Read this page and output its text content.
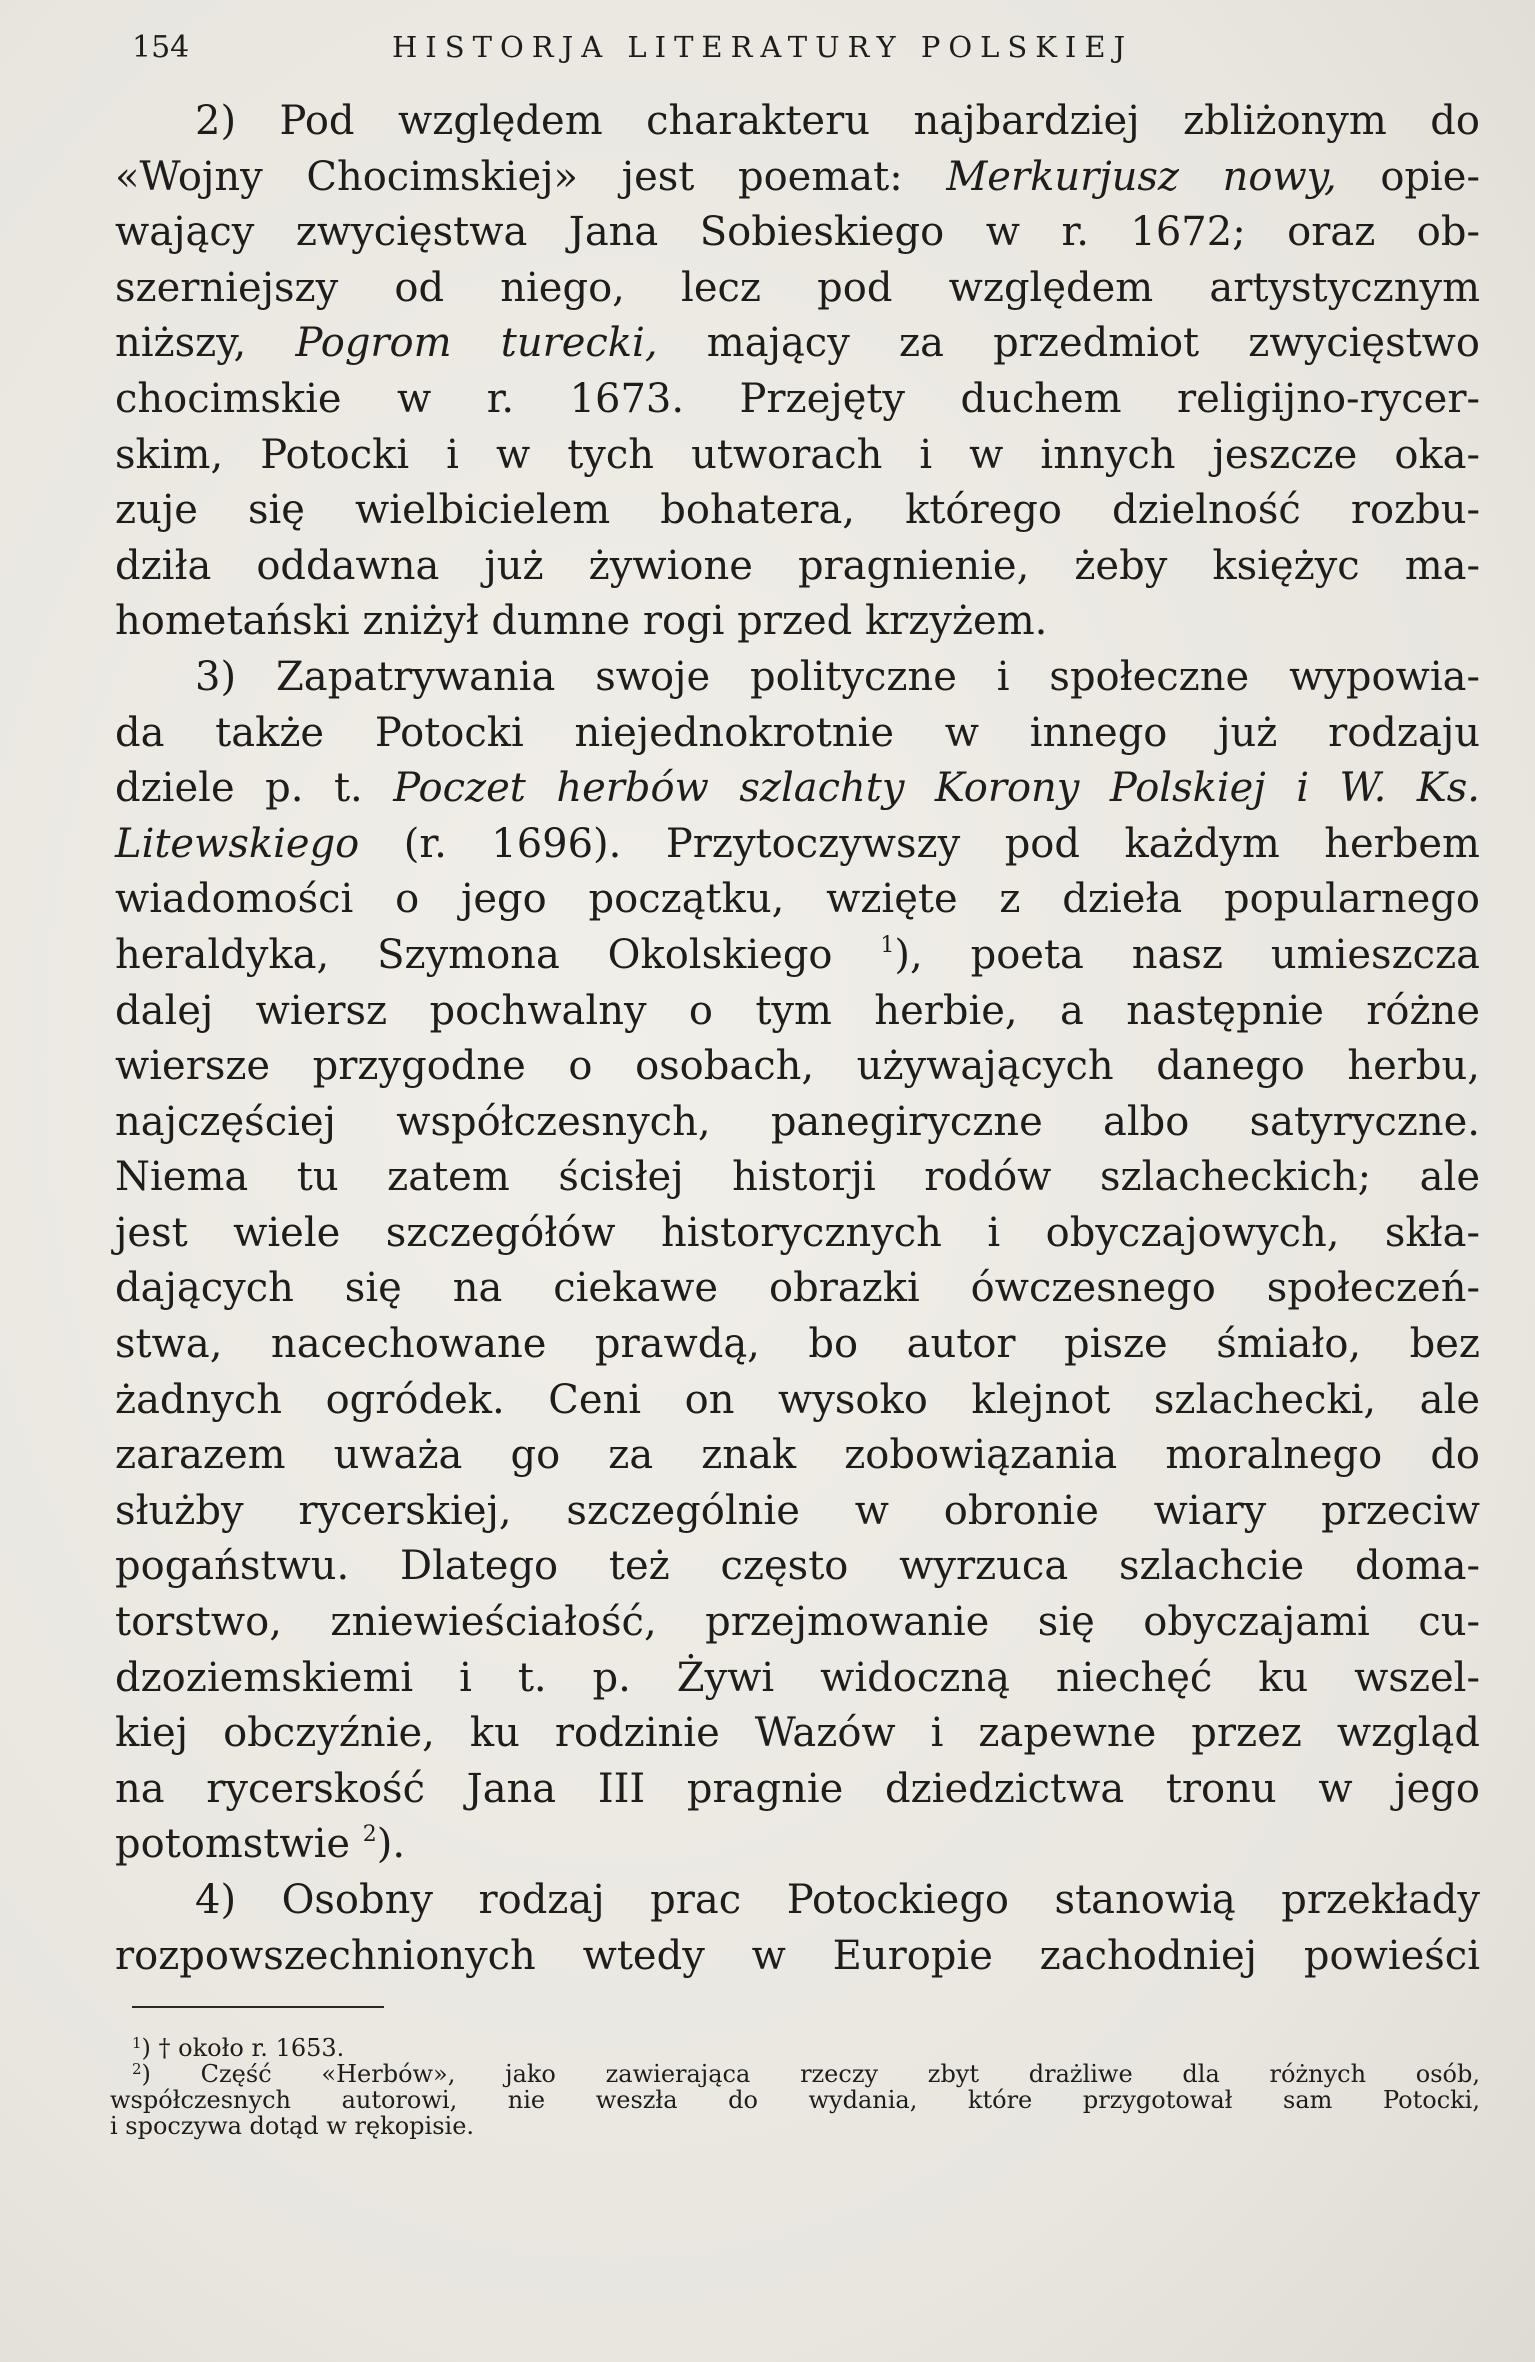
154	HISTORJA LITERATURY POLSKIEJ
2) Pod względem charakteru najbardziej zbliżonym do
«Wojny Chocimskiej» jest poemat: Merkurjusz nowy, opie-
wający zwycięstwa Jana Sobieskiego w r. 1672; oraz ob-
szerniejszy od niego, lecz pod względem artystycznym
niższy, Pogrom turecki, mający za przedmiot zwycięstwo
chocimskie w r. 1673. Przejęty duchem religijno-rycer-
skim, Potocki i w tych utworach i w innych jeszcze oka-
zuje się wielbicielem bohatera, którego dzielność rozbu-
dziła oddawna już żywione pragnienie, żeby księżyc ma-
hometański zniżył dumne rogi przed krzyżem.
3) Zapatrywania swoje polityczne i społeczne wypowia-
da także Potocki niejednokrotnie w innego już rodzaju
dziele p. t. Poczet herbów szlachty Korony Polskiej i W. Ks.
Litewskiego (r. 1696). Przytoczywszy pod każdym herbem
wiadomości o jego początku, wzięte z dzieła popularnego
heraldyka, Szymona Okolskiego $^1$), poeta nasz umieszcza
dalej wiersz pochwalny o tym herbie, a następnie różne
wiersze przygodne o osobach, używających danego herbu,
najczęściej współczesnych, panegiryczne albo satyryczne.
Niema tu zatem ścisłej historji rodów szlacheckich; ale
jest wiele szczegółów historycznych i obyczajowych, skła-
dających się na ciekawe obrazki ówczesnego społeczeń-
stwa, nacechowane prawdą, bo autor pisze śmiało, bez
żadnych ogródek. Ceni on wysoko klejnot szlachecki, ale
zarazem uważa go za znak zobowiązania moralnego do
służby rycerskiej, szczególnie w obronie wiary przeciw
pogaństwu. Dlatego też często wyrzuca szlachcie doma-
torstwo, zniewieściałość, przejmowanie się obyczajami cu-
dzoziemskiemi i t. p. Żywi widoczną niechęć ku wszel-
kiej obczyźnie, ku rodzinie Wazów i zapewne przez wzgląd
na rycerskość Jana III pragnie dziedzictwa tronu w jego
potomstwie $^2$).
4) Osobny rodzaj prac Potockiego stanowią przekłady
rozpowszechnionych wtedy w Europie zachodniej powieści
$^1$) † około r. 1653.
$^2$) Część «Herbów», jako zawierająca rzeczy zbyt drażliwe dla różnych osób,
współczesnych autorowi, nie weszła do wydania, które przygotował sam Potocki,
i spoczywa dotąd w rękopisie.
